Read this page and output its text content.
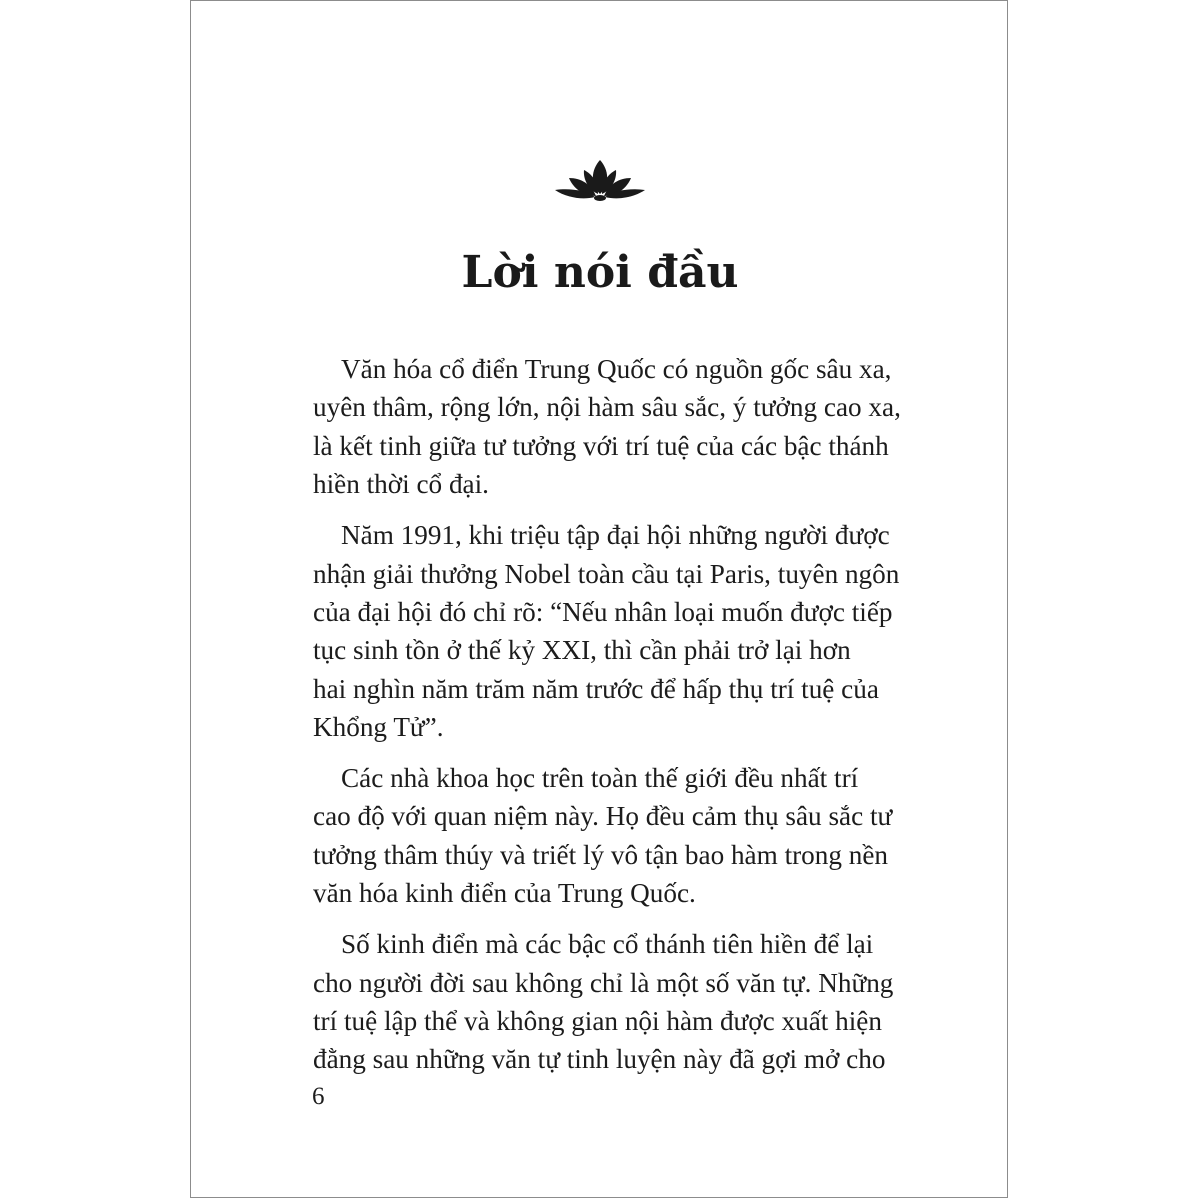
Lời nói đầu

Văn hóa cổ điển Trung Quốc có nguồn gốc sâu xa,
uyên thâm, rộng lớn, nội hàm sâu sắc, ý tưởng cao xa,
là kết tinh giữa tư tưởng với trí tuệ của các bậc thánh
hiền thời cổ đại.

Năm 1991, khi triệu tập đại hội những người được
nhận giải thưởng Nobel toàn cầu tại Paris, tuyên ngôn
của đại hội đó chỉ rõ: “Nếu nhân loại muốn được tiếp
tục sinh tồn ở thế kỷ XXI, thì cần phải trở lại hơn
hai nghìn năm trăm năm trước để hấp thụ trí tuệ của
Khổng Tử”.

Các nhà khoa học trên toàn thế giới đều nhất trí
cao độ với quan niệm này. Họ đều cảm thụ sâu sắc tư
tưởng thâm thúy và triết lý vô tận bao hàm trong nền
văn hóa kinh điển của Trung Quốc.

Số kinh điển mà các bậc cổ thánh tiên hiền để lại
cho người đời sau không chỉ là một số văn tự. Những
trí tuệ lập thể và không gian nội hàm được xuất hiện
đằng sau những văn tự tinh luyện này đã gợi mở cho

6
